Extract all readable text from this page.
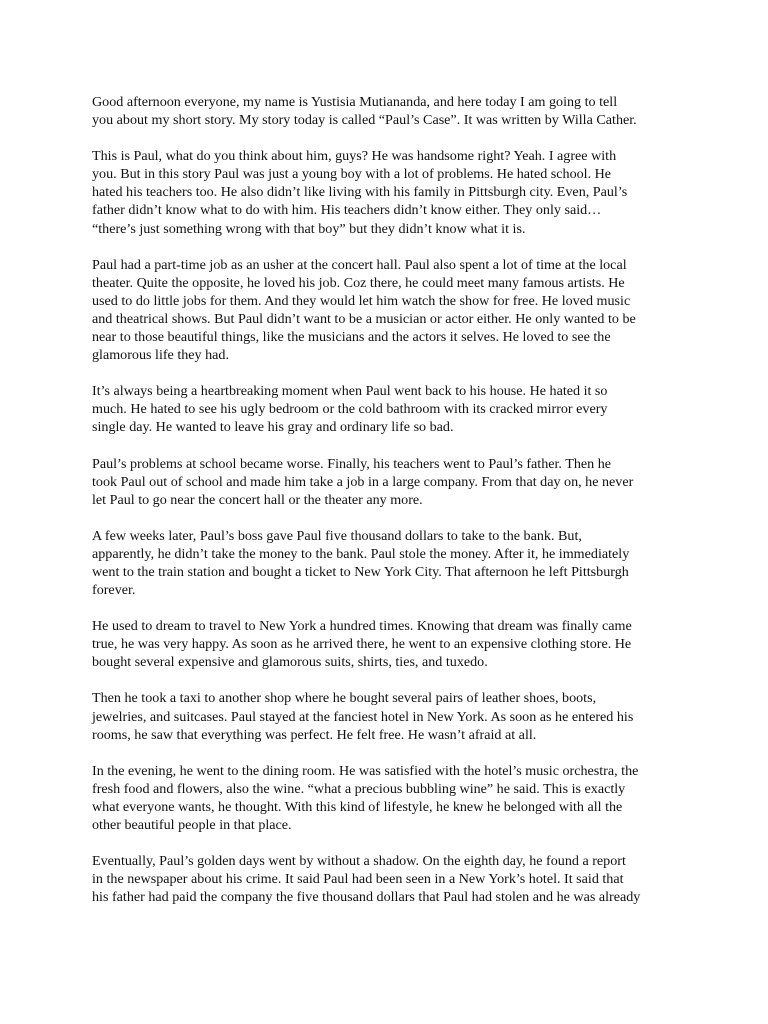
Good afternoon everyone, my name is Yustisia Mutiananda, and here today I am going to tell
you about my short story. My story today is called “Paul’s Case”. It was written by Willa Cather.

This is Paul, what do you think about him, guys? He was handsome right? Yeah. I agree with
you. But in this story Paul was just a young boy with a lot of problems. He hated school. He
hated his teachers too. He also didn’t like living with his family in Pittsburgh city. Even, Paul’s
father didn’t know what to do with him. His teachers didn’t know either. They only said…
“there’s just something wrong with that boy” but they didn’t know what it is.

Paul had a part-time job as an usher at the concert hall. Paul also spent a lot of time at the local
theater. Quite the opposite, he loved his job. Coz there, he could meet many famous artists. He
used to do little jobs for them. And they would let him watch the show for free. He loved music
and theatrical shows. But Paul didn’t want to be a musician or actor either. He only wanted to be
near to those beautiful things, like the musicians and the actors it selves. He loved to see the
glamorous life they had.

It’s always being a heartbreaking moment when Paul went back to his house. He hated it so
much. He hated to see his ugly bedroom or the cold bathroom with its cracked mirror every
single day. He wanted to leave his gray and ordinary life so bad.

Paul’s problems at school became worse. Finally, his teachers went to Paul’s father. Then he
took Paul out of school and made him take a job in a large company. From that day on, he never
let Paul to go near the concert hall or the theater any more.

A few weeks later, Paul’s boss gave Paul five thousand dollars to take to the bank. But,
apparently, he didn’t take the money to the bank. Paul stole the money. After it, he immediately
went to the train station and bought a ticket to New York City. That afternoon he left Pittsburgh
forever.

He used to dream to travel to New York a hundred times. Knowing that dream was finally came
true, he was very happy. As soon as he arrived there, he went to an expensive clothing store. He
bought several expensive and glamorous suits, shirts, ties, and tuxedo.

Then he took a taxi to another shop where he bought several pairs of leather shoes, boots,
jewelries, and suitcases. Paul stayed at the fanciest hotel in New York. As soon as he entered his
rooms, he saw that everything was perfect. He felt free. He wasn’t afraid at all.

In the evening, he went to the dining room. He was satisfied with the hotel’s music orchestra, the
fresh food and flowers, also the wine. “what a precious bubbling wine” he said. This is exactly
what everyone wants, he thought. With this kind of lifestyle, he knew he belonged with all the
other beautiful people in that place.

Eventually, Paul’s golden days went by without a shadow. On the eighth day, he found a report
in the newspaper about his crime. It said Paul had been seen in a New York’s hotel. It said that
his father had paid the company the five thousand dollars that Paul had stolen and he was already
